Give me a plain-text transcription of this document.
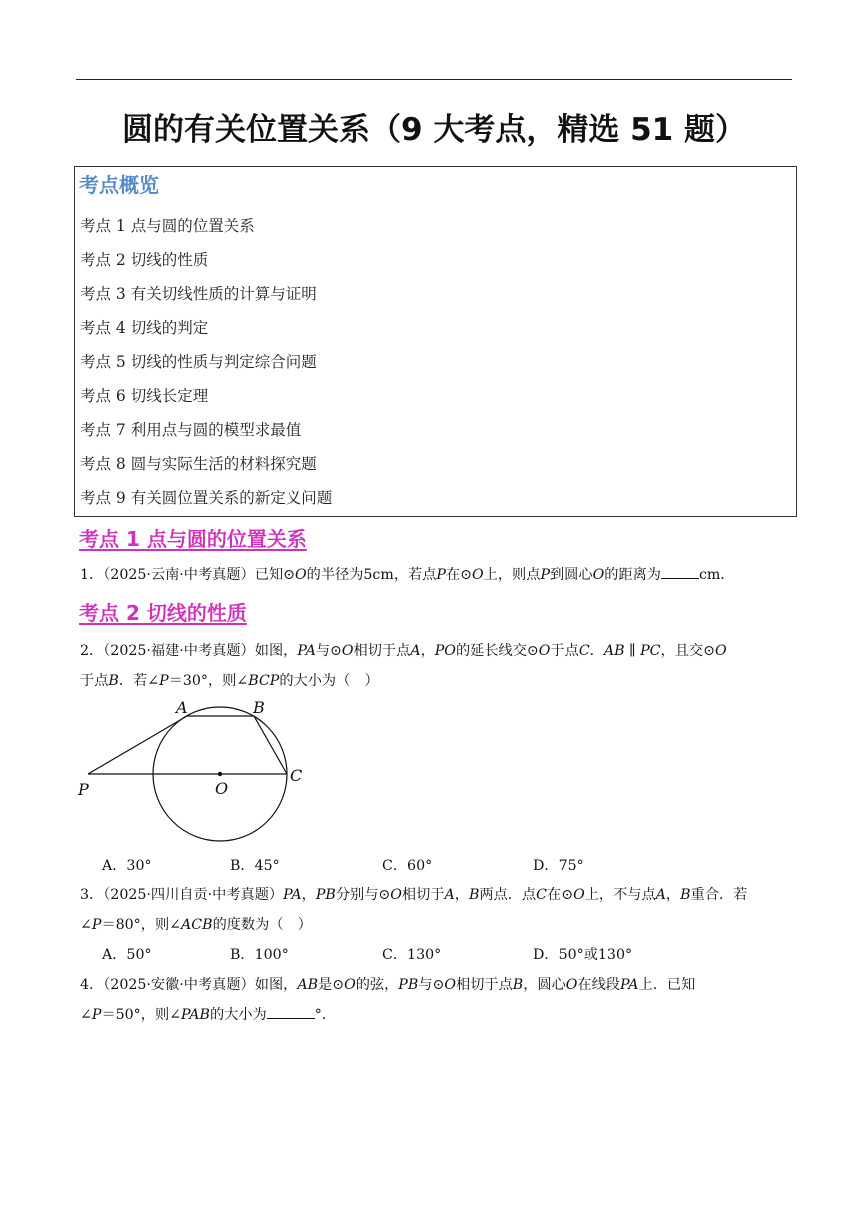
圆的有关位置关系（9 大考点，精选 51 题）
考点概览
考点 1 点与圆的位置关系
考点 2 切线的性质
考点 3 有关切线性质的计算与证明
考点 4 切线的判定
考点 5 切线的性质与判定综合问题
考点 6 切线长定理
考点 7 利用点与圆的模型求最值
考点 8 圆与实际生活的材料探究题
考点 9 有关圆位置关系的新定义问题
考点 1 点与圆的位置关系
1．（2025·云南·中考真题）已知⊙O的半径为5cm，若点P在⊙O上，则点P到圆心O的距离为	cm．
考点 2 切线的性质
2．（2025·福建·中考真题）如图，PA与⊙O相切于点A，PO的延长线交⊙O于点C．AB ∥ PC，且交⊙O
于点B．若∠P＝30°，则∠BCP的大小为（　）
A	B
C
O
P
A．30°	B．45°	C．60°	D．75°
3．（2025·四川自贡·中考真题）PA，PB分别与⊙O相切于A，B两点．点C在⊙O上，不与点A，B重合．若
∠P＝80°，则∠ACB的度数为（　）
A．50°	B．100°	C．130°	D．50°或130°
4．（2025·安徽·中考真题）如图，AB是⊙O的弦，PB与⊙O相切于点B，圆心O在线段PA上．已知
∠P＝50°，则∠PAB的大小为	°．
